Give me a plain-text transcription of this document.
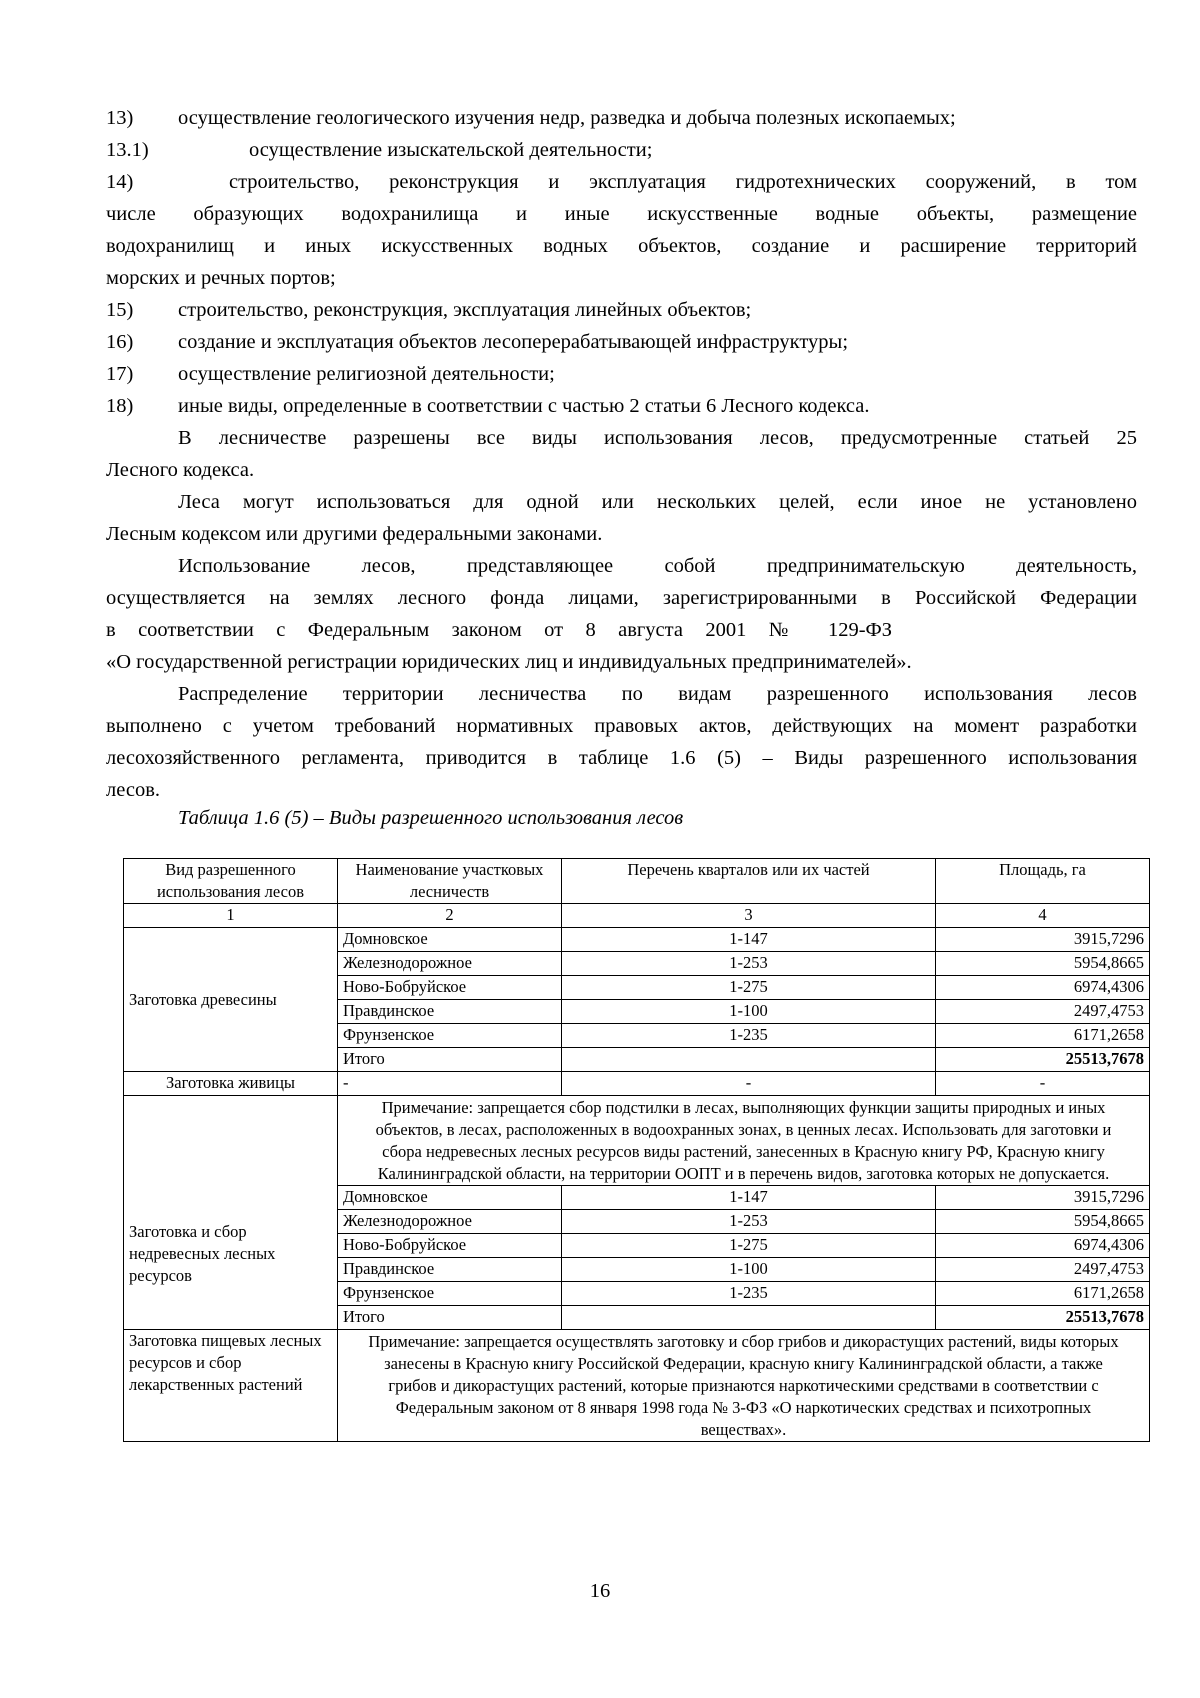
13) осуществление геологического изучения недр, разведка и добыча полезных ископаемых;
13.1)	осуществление изыскательской деятельности;
14)	строительство, реконструкция и эксплуатация гидротехнических сооружений, в том
числе образующих водохранилища и иные искусственные водные объекты, размещение
водохранилищ и иных искусственных водных объектов, создание и расширение территорий
морских и речных портов;
15) строительство, реконструкция, эксплуатация линейных объектов;
16) создание и эксплуатация объектов лесоперерабатывающей инфраструктуры;
17) осуществление религиозной деятельности;
18) иные виды, определенные в соответствии с частью 2 статьи 6 Лесного кодекса.
В лесничестве разрешены все виды использования лесов, предусмотренные статьей 25
Лесного кодекса.
Леса могут использоваться для одной или нескольких целей, если иное не установлено
Лесным кодексом или другими федеральными законами.
Использование лесов, представляющее собой предпринимательскую деятельность,
осуществляется на землях лесного фонда лицами, зарегистрированными в Российской Федерации
в соответствии с Федеральным законом от 8 августа 2001 № 129-ФЗ
«О государственной регистрации юридических лиц и индивидуальных предпринимателей».
Распределение территории лесничества по видам разрешенного использования лесов
выполнено с учетом требований нормативных правовых актов, действующих на момент разработки
лесохозяйственного регламента, приводится в таблице 1.6 (5) – Виды разрешенного использования
лесов.
Таблица 1.6 (5) – Виды разрешенного использования лесов
Вид разрешенного использования лесов	Наименование участковых лесничеств	Перечень кварталов или их частей	Площадь, га
1	2	3	4
Заготовка древесины	Домновское	1-147	3915,7296
	Железнодорожное	1-253	5954,8665
	Ново-Бобруйское	1-275	6974,4306
	Правдинское	1-100	2497,4753
	Фрунзенское	1-235	6171,2658
	Итого		25513,7678
Заготовка живицы	-	-	-
Заготовка и сбор недревесных лесных ресурсов	Примечание: запрещается сбор подстилки в лесах, выполняющих функции защиты природных и иных объектов, в лесах, расположенных в водоохранных зонах, в ценных лесах. Использовать для заготовки и сбора недревесных лесных ресурсов виды растений, занесенных в Красную книгу РФ, Красную книгу Калининградской области, на территории ООПТ и в перечень видов, заготовка которых не допускается.		
	Домновское	1-147	3915,7296
	Железнодорожное	1-253	5954,8665
	Ново-Бобруйское	1-275	6974,4306
	Правдинское	1-100	2497,4753
	Фрунзенское	1-235	6171,2658
	Итого		25513,7678
Заготовка пищевых лесных ресурсов и сбор лекарственных растений	Примечание: запрещается осуществлять заготовку и сбор грибов и дикорастущих растений, виды которых занесены в Красную книгу Российской Федерации, красную книгу Калининградской области, а также грибов и дикорастущих растений, которые признаются наркотическими средствами в соответствии с Федеральным законом от 8 января 1998 года № 3-ФЗ «О наркотических средствах и психотропных веществах».		
16
